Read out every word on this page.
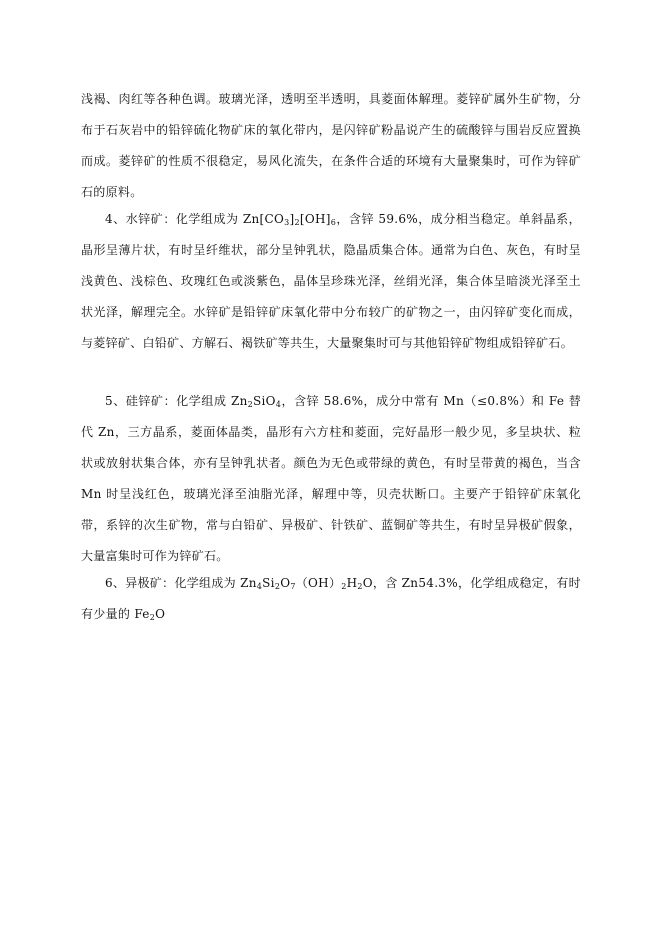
浅褐、肉红等各种色调。玻璃光泽，透明至半透明，具菱面体解理。菱锌矿属外生矿物，分布于石灰岩中的铅锌硫化物矿床的氧化带内，是闪锌矿粉晶说产生的硫酸锌与围岩反应置换而成。菱锌矿的性质不很稳定，易风化流失，在条件合适的环境有大量聚集时，可作为锌矿石的原料。

4、水锌矿：化学组成为 $Zn[CO_3]_2[OH]_6$，含锌 59.6%，成分相当稳定。单斜晶系，晶形呈薄片状，有时呈纤维状，部分呈钟乳状，隐晶质集合体。通常为白色、灰色，有时呈浅黄色、浅棕色、玫瑰红色或淡紫色，晶体呈珍珠光泽，丝绢光泽，集合体呈暗淡光泽至土状光泽，解理完全。水锌矿是铅锌矿床氧化带中分布较广的矿物之一，由闪锌矿变化而成，与菱锌矿、白铅矿、方解石、褐铁矿等共生，大量聚集时可与其他铅锌矿物组成铅锌矿石。

5、硅锌矿：化学组成 $Zn_2SiO_4$，含锌 58.6%，成分中常有 Mn（≤0.8%）和 Fe 替代 Zn，三方晶系，菱面体晶类，晶形有六方柱和菱面，完好晶形一般少见，多呈块状、粒状或放射状集合体，亦有呈钟乳状者。颜色为无色或带绿的黄色，有时呈带黄的褐色，当含 Mn 时呈浅红色，玻璃光泽至油脂光泽，解理中等，贝壳状断口。主要产于铅锌矿床氧化带，系锌的次生矿物，常与白铅矿、异极矿、针铁矿、蓝铜矿等共生，有时呈异极矿假象，大量富集时可作为锌矿石。

6、异极矿：化学组成为 $Zn_4Si_2O_7(OH)_2H_2O$，含 Zn54.3%，化学组成稳定，有时有少量的 $Fe_2O$
